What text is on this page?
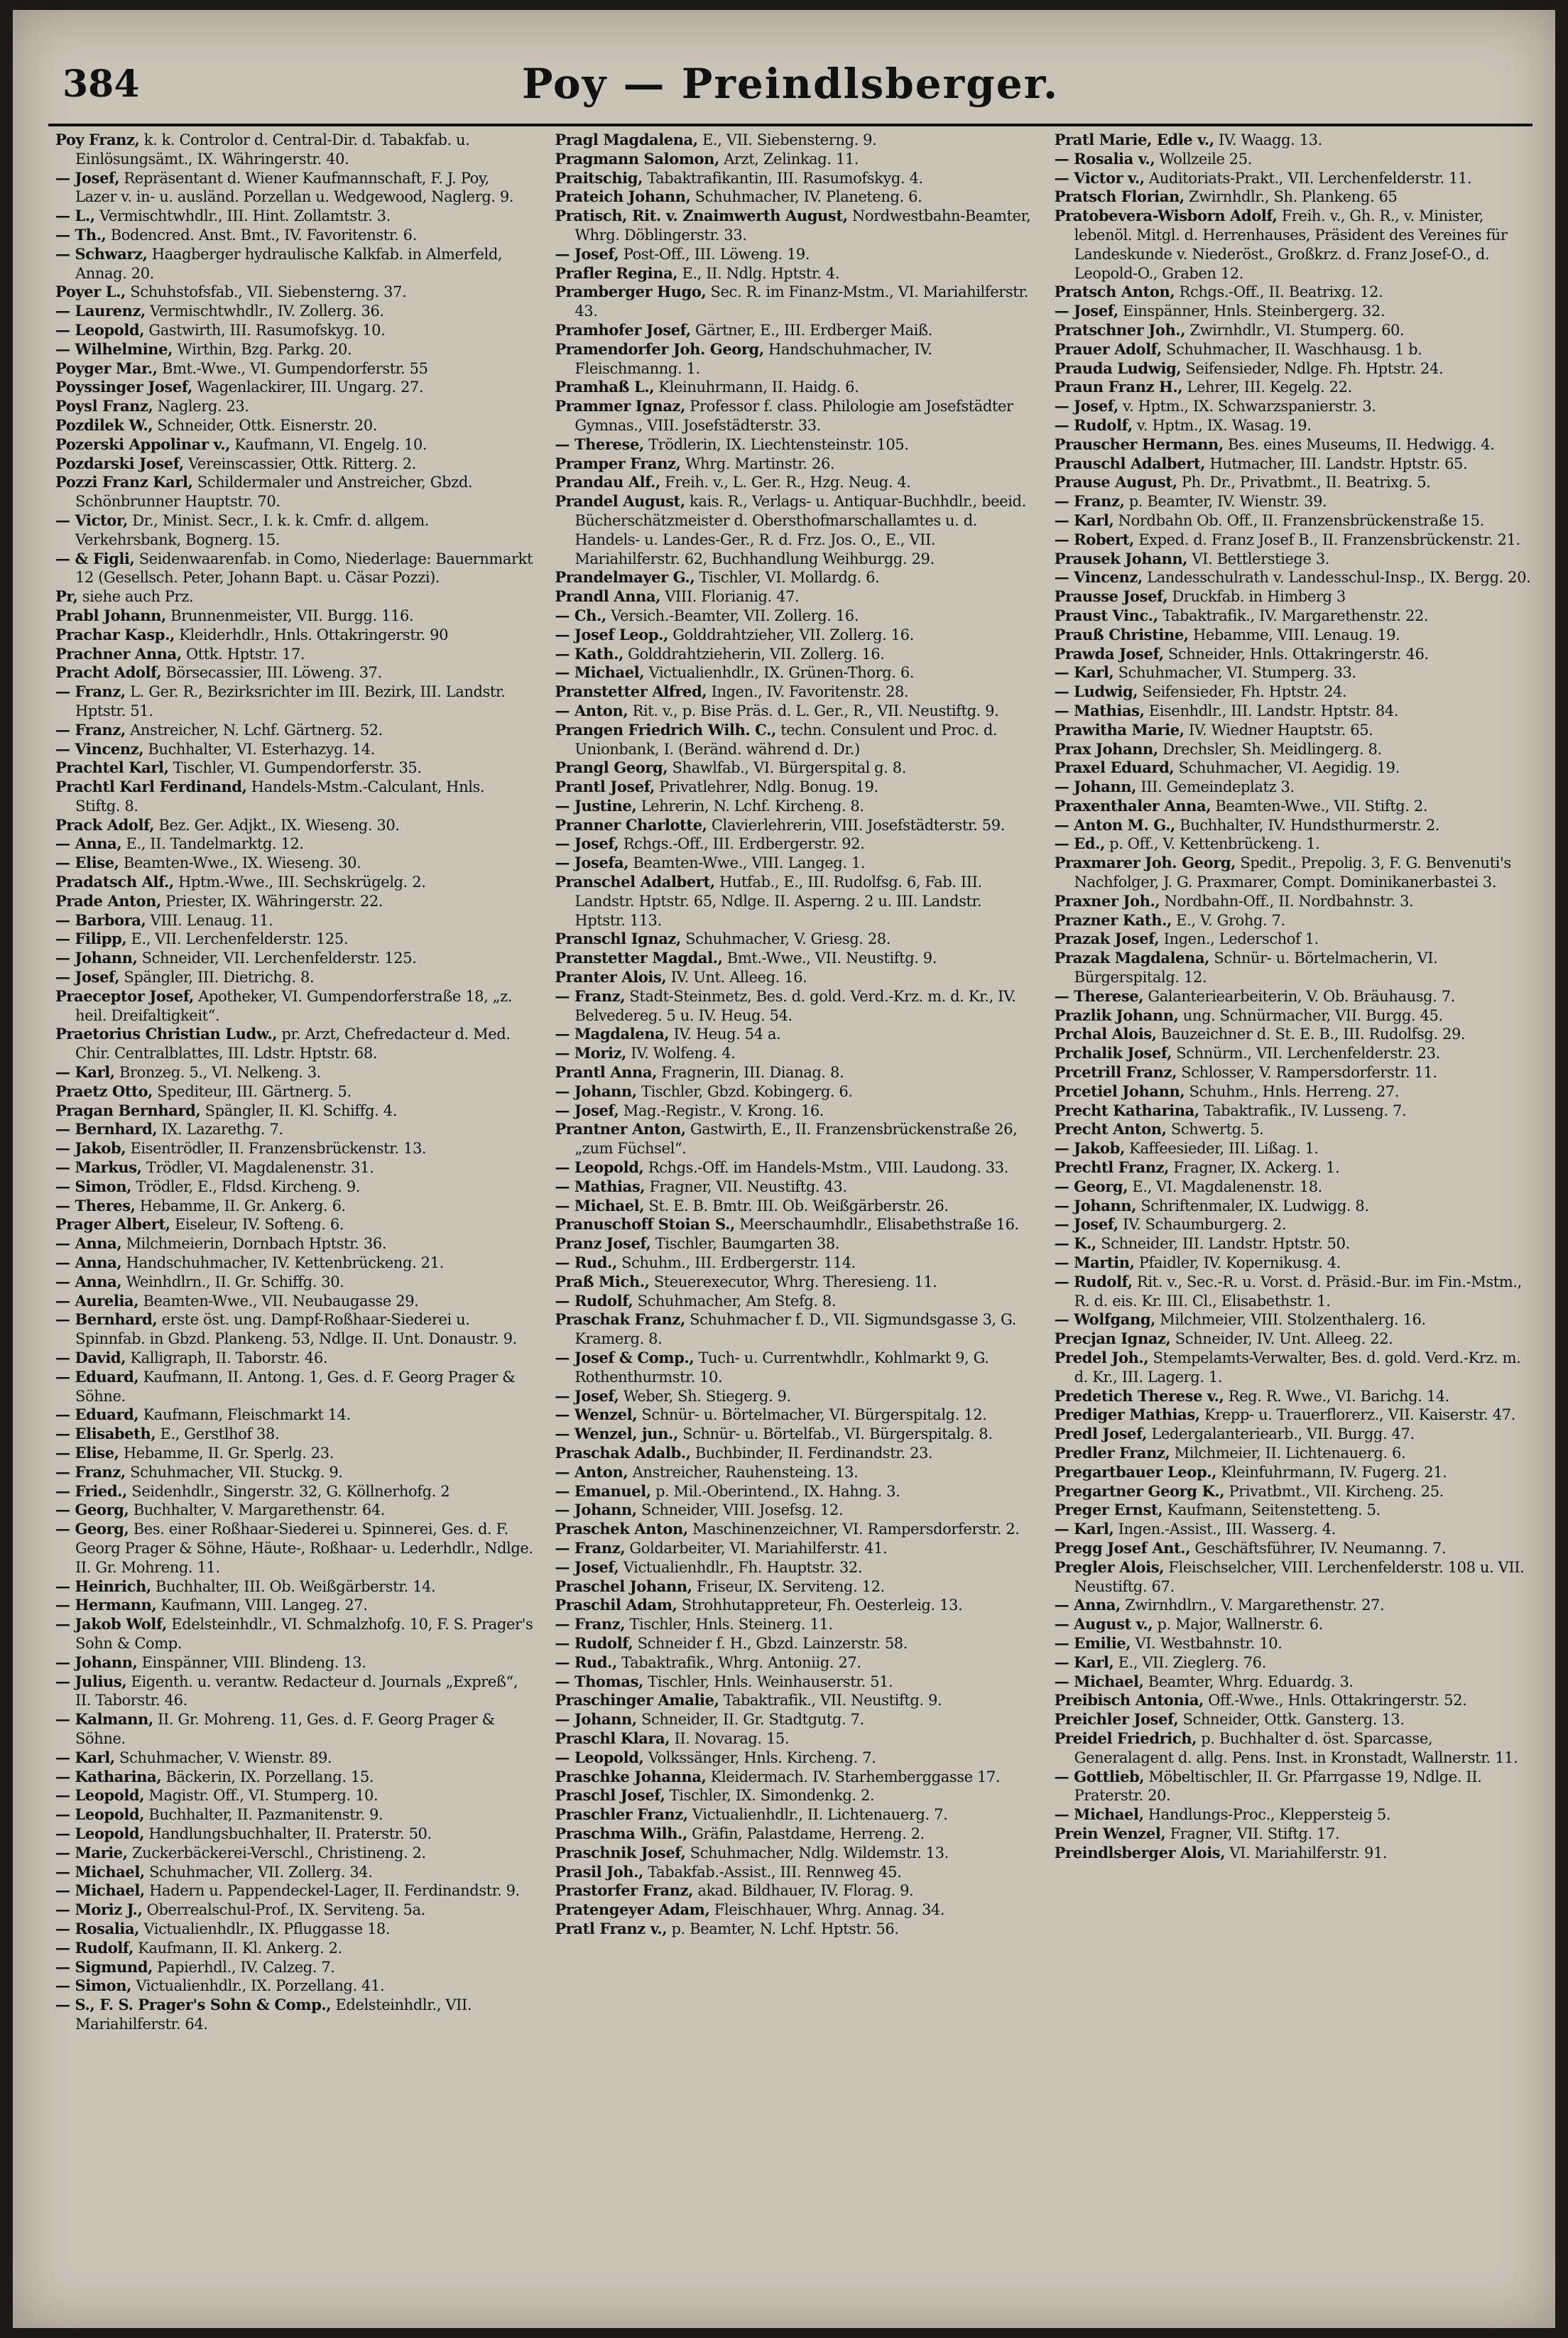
384	Poy — Preindlsberger.
Poy Franz, k. k. Controlor d. Central-Dir. d. Tabakfab. u. Einlösungsämt., IX. Währingerstr. 40.
— Josef, Repräsentant d. Wiener Kaufmannschaft, F. J. Poy, Lazer v. in- u. ausländ. Porzellan u. Wedgewood, Naglerg. 9.
— L., Vermischtwhdlr., III. Hint. Zollamtstr. 3.
— Th., Bodencred. Anst. Bmt., IV. Favoritenstr. 6.
— Schwarz, Haagberger hydraulische Kalkfab. in Almerfeld, Annag. 20.
Poyer L., Schuhstofsfab., VII. Siebensterng. 37.
— Laurenz, Vermischtwhdlr., IV. Zollerg. 36.
— Leopold, Gastwirth, III. Rasumofskyg. 10.
— Wilhelmine, Wirthin, Bzg. Parkg. 20.
Poyger Mar., Bmt.-Wwe., VI. Gumpendorferstr. 55
Poyssinger Josef, Wagenlackirer, III. Ungarg. 27.
Poysl Franz, Naglerg. 23.
Pozdilek W., Schneider, Ottk. Eisnerstr. 20.
Pozerski Appolinar v., Kaufmann, VI. Engelg. 10.
Pozdarski Josef, Vereinscassier, Ottk. Ritterg. 2.
Pozzi Franz Karl, Schildermaler und Anstreicher, Gbzd. Schönbrunner Hauptstr. 70.
— Victor, Dr., Minist. Secr., I. k. k. Cmfr. d. allgem. Verkehrsbank, Bognerg. 15.
— & Figli, Seidenwaarenfab. in Como, Niederlage: Bauernmarkt 12 (Gesellsch. Peter, Johann Bapt. u. Cäsar Pozzi).
Pr, siehe auch Prz.
Prabl Johann, Brunnenmeister, VII. Burgg. 116.
Prachar Kasp., Kleiderhdlr., Hnls. Ottakringerstr. 90
Prachner Anna, Ottk. Hptstr. 17.
Pracht Adolf, Börsecassier, III. Löweng. 37.
— Franz, L. Ger. R., Bezirksrichter im III. Bezirk, III. Landstr. Hptstr. 51.
— Franz, Anstreicher, N. Lchf. Gärtnerg. 52.
— Vincenz, Buchhalter, VI. Esterhazyg. 14.
Prachtel Karl, Tischler, VI. Gumpendorferstr. 35.
Prachtl Karl Ferdinand, Handels-Mstm.-Calculant, Hnls. Stiftg. 8.
Prack Adolf, Bez. Ger. Adjkt., IX. Wieseng. 30.
— Anna, E., II. Tandelmarktg. 12.
— Elise, Beamten-Wwe., IX. Wieseng. 30.
Pradatsch Alf., Hptm.-Wwe., III. Sechskrügelg. 2.
Prade Anton, Priester, IX. Währingerstr. 22.
— Barbora, VIII. Lenaug. 11.
— Filipp, E., VII. Lerchenfelderstr. 125.
— Johann, Schneider, VII. Lerchenfelderstr. 125.
— Josef, Spängler, III. Dietrichg. 8.
Praeceptor Josef, Apotheker, VI. Gumpendorferstraße 18, „z. heil. Dreifaltigkeit“.
Praetorius Christian Ludw., pr. Arzt, Chefredacteur d. Med. Chir. Centralblattes, III. Ldstr. Hptstr. 68.
— Karl, Bronzeg. 5., VI. Nelkeng. 3.
Praetz Otto, Spediteur, III. Gärtnerg. 5.
Pragan Bernhard, Spängler, II. Kl. Schiffg. 4.
— Bernhard, IX. Lazarethg. 7.
— Jakob, Eisentrödler, II. Franzensbrückenstr. 13.
— Markus, Trödler, VI. Magdalenenstr. 31.
— Simon, Trödler, E., Fldsd. Kircheng. 9.
— Theres, Hebamme, II. Gr. Ankerg. 6.
Prager Albert, Eiseleur, IV. Softeng. 6.
— Anna, Milchmeierin, Dornbach Hptstr. 36.
— Anna, Handschuhmacher, IV. Kettenbrückeng. 21.
— Anna, Weinhdlrn., II. Gr. Schiffg. 30.
— Aurelia, Beamten-Wwe., VII. Neubaugasse 29.
— Bernhard, erste öst. ung. Dampf-Roßhaar-Siederei u. Spinnfab. in Gbzd. Plankeng. 53, Ndlge. II. Unt. Donaustr. 9.
— David, Kalligraph, II. Taborstr. 46.
— Eduard, Kaufmann, II. Antong. 1, Ges. d. F. Georg Prager & Söhne.
— Eduard, Kaufmann, Fleischmarkt 14.
— Elisabeth, E., Gerstlhof 38.
— Elise, Hebamme, II. Gr. Sperlg. 23.
— Franz, Schuhmacher, VII. Stuckg. 9.
— Fried., Seidenhdlr., Singerstr. 32, G. Köllnerhofg. 2
— Georg, Buchhalter, V. Margarethenstr. 64.
— Georg, Bes. einer Roßhaar-Siederei u. Spinnerei, Ges. d. F. Georg Prager & Söhne, Häute-, Roßhaar- u. Lederhdlr., Ndlge. II. Gr. Mohreng. 11.
— Heinrich, Buchhalter, III. Ob. Weißgärberstr. 14.
— Hermann, Kaufmann, VIII. Langeg. 27.
— Jakob Wolf, Edelsteinhdlr., VI. Schmalzhofg. 10, F. S. Prager's Sohn & Comp.
— Johann, Einspänner, VIII. Blindeng. 13.
— Julius, Eigenth. u. verantw. Redacteur d. Journals „Expreß“, II. Taborstr. 46.
— Kalmann, II. Gr. Mohreng. 11, Ges. d. F. Georg Prager & Söhne.
— Karl, Schuhmacher, V. Wienstr. 89.
— Katharina, Bäckerin, IX. Porzellang. 15.
— Leopold, Magistr. Off., VI. Stumperg. 10.
— Leopold, Buchhalter, II. Pazmanitenstr. 9.
— Leopold, Handlungsbuchhalter, II. Praterstr. 50.
— Marie, Zuckerbäckerei-Verschl., Christineng. 2.
— Michael, Schuhmacher, VII. Zollerg. 34.
— Michael, Hadern u. Pappendeckel-Lager, II. Ferdinandstr. 9.
— Moriz J., Oberrealschul-Prof., IX. Serviteng. 5a.
— Rosalia, Victualienhdlr., IX. Pfluggasse 18.
— Rudolf, Kaufmann, II. Kl. Ankerg. 2.
— Sigmund, Papierhdl., IV. Calzeg. 7.
— Simon, Victualienhdlr., IX. Porzellang. 41.
— S., F. S. Prager's Sohn & Comp., Edelsteinhdlr., VII. Mariahilferstr. 64.
Pragl Magdalena, E., VII. Siebensterng. 9.
Pragmann Salomon, Arzt, Zelinkag. 11.
Praitschig, Tabaktrafikantin, III. Rasumofskyg. 4.
Prateich Johann, Schuhmacher, IV. Planeteng. 6.
Pratisch, Rit. v. Znaimwerth August, Nordwestbahn-Beamter, Whrg. Döblingerstr. 33.
— Josef, Post-Off., III. Löweng. 19.
Prafler Regina, E., II. Ndlg. Hptstr. 4.
Pramberger Hugo, Sec. R. im Finanz-Mstm., VI. Mariahilferstr. 43.
Pramhofer Josef, Gärtner, E., III. Erdberger Maiß.
Pramendorfer Joh. Georg, Handschuhmacher, IV. Fleischmanng. 1.
Pramhaß L., Kleinuhrmann, II. Haidg. 6.
Prammer Ignaz, Professor f. class. Philologie am Josefstädter Gymnas., VIII. Josefstädterstr. 33.
— Therese, Trödlerin, IX. Liechtensteinstr. 105.
Pramper Franz, Whrg. Martinstr. 26.
Prandau Alf., Freih. v., L. Ger. R., Hzg. Neug. 4.
Prandel August, kais. R., Verlags- u. Antiquar-Buchhdlr., beeid. Bücherschätzmeister d. Obersthofmarschallamtes u. d. Handels- u. Landes-Ger., R. d. Frz. Jos. O., E., VII. Mariahilferstr. 62, Buchhandlung Weihburgg. 29.
Prandelmayer G., Tischler, VI. Mollardg. 6.
Prandl Anna, VIII. Florianig. 47.
— Ch., Versich.-Beamter, VII. Zollerg. 16.
— Josef Leop., Golddrahtzieher, VII. Zollerg. 16.
— Kath., Golddrahtzieherin, VII. Zollerg. 16.
— Michael, Victualienhdlr., IX. Grünen-Thorg. 6.
Pranstetter Alfred, Ingen., IV. Favoritenstr. 28.
— Anton, Rit. v., p. Bise Präs. d. L. Ger., R., VII. Neustiftg. 9.
Prangen Friedrich Wilh. C., techn. Consulent und Proc. d. Unionbank, I. (Beränd. während d. Dr.)
Prangl Georg, Shawlfab., VI. Bürgerspital g. 8.
Prantl Josef, Privatlehrer, Ndlg. Bonug. 19.
— Justine, Lehrerin, N. Lchf. Kircheng. 8.
Pranner Charlotte, Clavierlehrerin, VIII. Josefstädterstr. 59.
— Josef, Rchgs.-Off., III. Erdbergerstr. 92.
— Josefa, Beamten-Wwe., VIII. Langeg. 1.
Pranschel Adalbert, Hutfab., E., III. Rudolfsg. 6, Fab. III. Landstr. Hptstr. 65, Ndlge. II. Asperng. 2 u. III. Landstr. Hptstr. 113.
Pranschl Ignaz, Schuhmacher, V. Griesg. 28.
Pranstetter Magdal., Bmt.-Wwe., VII. Neustiftg. 9.
Pranter Alois, IV. Unt. Alleeg. 16.
— Franz, Stadt-Steinmetz, Bes. d. gold. Verd.-Krz. m. d. Kr., IV. Belvedereg. 5 u. IV. Heug. 54.
— Magdalena, IV. Heug. 54 a.
— Moriz, IV. Wolfeng. 4.
Prantl Anna, Fragnerin, III. Dianag. 8.
— Johann, Tischler, Gbzd. Kobingerg. 6.
— Josef, Mag.-Registr., V. Krong. 16.
Prantner Anton, Gastwirth, E., II. Franzensbrückenstraße 26, „zum Füchsel“.
— Leopold, Rchgs.-Off. im Handels-Mstm., VIII. Laudong. 33.
— Mathias, Fragner, VII. Neustiftg. 43.
— Michael, St. E. B. Bmtr. III. Ob. Weißgärberstr. 26.
Pranuschoff Stoian S., Meerschaumhdlr., Elisabethstraße 16.
Pranz Josef, Tischler, Baumgarten 38.
— Rud., Schuhm., III. Erdbergerstr. 114.
Praß Mich., Steuerexecutor, Whrg. Theresieng. 11.
— Rudolf, Schuhmacher, Am Stefg. 8.
Praschak Franz, Schuhmacher f. D., VII. Sigmundsgasse 3, G. Kramerg. 8.
— Josef & Comp., Tuch- u. Currentwhdlr., Kohlmarkt 9, G. Rothenthurmstr. 10.
— Josef, Weber, Sh. Stiegerg. 9.
— Wenzel, Schnür- u. Börtelmacher, VI. Bürgerspitalg. 12.
— Wenzel, jun., Schnür- u. Börtelfab., VI. Bürgerspitalg. 8.
Praschak Adalb., Buchbinder, II. Ferdinandstr. 23.
— Anton, Anstreicher, Rauhensteing. 13.
— Emanuel, p. Mil.-Oberintend., IX. Hahng. 3.
— Johann, Schneider, VIII. Josefsg. 12.
Praschek Anton, Maschinenzeichner, VI. Rampersdorferstr. 2.
— Franz, Goldarbeiter, VI. Mariahilferstr. 41.
— Josef, Victualienhdlr., Fh. Hauptstr. 32.
Praschel Johann, Friseur, IX. Serviteng. 12.
Praschil Adam, Strohhutappreteur, Fh. Oesterleig. 13.
— Franz, Tischler, Hnls. Steinerg. 11.
— Rudolf, Schneider f. H., Gbzd. Lainzerstr. 58.
— Rud., Tabaktrafik., Whrg. Antoniig. 27.
— Thomas, Tischler, Hnls. Weinhauserstr. 51.
Praschinger Amalie, Tabaktrafik., VII. Neustiftg. 9.
— Johann, Schneider, II. Gr. Stadtgutg. 7.
Praschl Klara, II. Novarag. 15.
— Leopold, Volkssänger, Hnls. Kircheng. 7.
Praschke Johanna, Kleidermach. IV. Starhemberggasse 17.
Praschl Josef, Tischler, IX. Simondenkg. 2.
Praschler Franz, Victualienhdlr., II. Lichtenauerg. 7.
Praschma Wilh., Gräfin, Palastdame, Herreng. 2.
Praschnik Josef, Schuhmacher, Ndlg. Wildemstr. 13.
Prasil Joh., Tabakfab.-Assist., III. Rennweg 45.
Prastorfer Franz, akad. Bildhauer, IV. Florag. 9.
Pratengeyer Adam, Fleischhauer, Whrg. Annag. 34.
Pratl Franz v., p. Beamter, N. Lchf. Hptstr. 56.
Pratl Marie, Edle v., IV. Waagg. 13.
— Rosalia v., Wollzeile 25.
— Victor v., Auditoriats-Prakt., VII. Lerchenfelderstr. 11.
Pratsch Florian, Zwirnhdlr., Sh. Plankeng. 65
Pratobevera-Wisborn Adolf, Freih. v., Gh. R., v. Minister, lebenöl. Mitgl. d. Herrenhauses, Präsident des Vereines für Landeskunde v. Niederöst., Großkrz. d. Franz Josef-O., d. Leopold-O., Graben 12.
Pratsch Anton, Rchgs.-Off., II. Beatrixg. 12.
— Josef, Einspänner, Hnls. Steinbergerg. 32.
Pratschner Joh., Zwirnhdlr., VI. Stumperg. 60.
Prauer Adolf, Schuhmacher, II. Waschhausg. 1 b.
Prauda Ludwig, Seifensieder, Ndlge. Fh. Hptstr. 24.
Praun Franz H., Lehrer, III. Kegelg. 22.
— Josef, v. Hptm., IX. Schwarzspanierstr. 3.
— Rudolf, v. Hptm., IX. Wasag. 19.
Prauscher Hermann, Bes. eines Museums, II. Hedwigg. 4.
Prauschl Adalbert, Hutmacher, III. Landstr. Hptstr. 65.
Prause August, Ph. Dr., Privatbmt., II. Beatrixg. 5.
— Franz, p. Beamter, IV. Wienstr. 39.
— Karl, Nordbahn Ob. Off., II. Franzensbrückenstraße 15.
— Robert, Exped. d. Franz Josef B., II. Franzensbrückenstr. 21.
Prausek Johann, VI. Bettlerstiege 3.
— Vincenz, Landesschulrath v. Landesschul-Insp., IX. Bergg. 20.
Prausse Josef, Druckfab. in Himberg 3
Praust Vinc., Tabaktrafik., IV. Margarethenstr. 22.
Prauß Christine, Hebamme, VIII. Lenaug. 19.
Prawda Josef, Schneider, Hnls. Ottakringerstr. 46.
— Karl, Schuhmacher, VI. Stumperg. 33.
— Ludwig, Seifensieder, Fh. Hptstr. 24.
— Mathias, Eisenhdlr., III. Landstr. Hptstr. 84.
Prawitha Marie, IV. Wiedner Hauptstr. 65.
Prax Johann, Drechsler, Sh. Meidlingerg. 8.
Praxel Eduard, Schuhmacher, VI. Aegidig. 19.
— Johann, III. Gemeindeplatz 3.
Praxenthaler Anna, Beamten-Wwe., VII. Stiftg. 2.
— Anton M. G., Buchhalter, IV. Hundsthurmerstr. 2.
— Ed., p. Off., V. Kettenbrückeng. 1.
Praxmarer Joh. Georg, Spedit., Prepolig. 3, F. G. Benvenuti's Nachfolger, J. G. Praxmarer, Compt. Dominikanerbastei 3.
Praxner Joh., Nordbahn-Off., II. Nordbahnstr. 3.
Prazner Kath., E., V. Grohg. 7.
Prazak Josef, Ingen., Lederschof 1.
Prazak Magdalena, Schnür- u. Börtelmacherin, VI. Bürgerspitalg. 12.
— Therese, Galanteriearbeiterin, V. Ob. Bräuhausg. 7.
Prazlik Johann, ung. Schnürmacher, VII. Burgg. 45.
Prchal Alois, Bauzeichner d. St. E. B., III. Rudolfsg. 29.
Prchalik Josef, Schnürm., VII. Lerchenfelderstr. 23.
Prcetrill Franz, Schlosser, V. Rampersdorferstr. 11.
Prcetiel Johann, Schuhm., Hnls. Herreng. 27.
Precht Katharina, Tabaktrafik., IV. Lusseng. 7.
Precht Anton, Schwertg. 5.
— Jakob, Kaffeesieder, III. Lißag. 1.
Prechtl Franz, Fragner, IX. Ackerg. 1.
— Georg, E., VI. Magdalenenstr. 18.
— Johann, Schriftenmaler, IX. Ludwigg. 8.
— Josef, IV. Schaumburgerg. 2.
— K., Schneider, III. Landstr. Hptstr. 50.
— Martin, Pfaidler, IV. Kopernikusg. 4.
— Rudolf, Rit. v., Sec.-R. u. Vorst. d. Präsid.-Bur. im Fin.-Mstm., R. d. eis. Kr. III. Cl., Elisabethstr. 1.
— Wolfgang, Milchmeier, VIII. Stolzenthalerg. 16.
Precjan Ignaz, Schneider, IV. Unt. Alleeg. 22.
Predel Joh., Stempelamts-Verwalter, Bes. d. gold. Verd.-Krz. m. d. Kr., III. Lagerg. 1.
Predetich Therese v., Reg. R. Wwe., VI. Barichg. 14.
Prediger Mathias, Krepp- u. Trauerflorerz., VII. Kaiserstr. 47.
Predl Josef, Ledergalanteriearb., VII. Burgg. 47.
Predler Franz, Milchmeier, II. Lichtenauerg. 6.
Pregartbauer Leop., Kleinfuhrmann, IV. Fugerg. 21.
Pregartner Georg K., Privatbmt., VII. Kircheng. 25.
Preger Ernst, Kaufmann, Seitenstetteng. 5.
— Karl, Ingen.-Assist., III. Wasserg. 4.
Pregg Josef Ant., Geschäftsführer, IV. Neumanng. 7.
Pregler Alois, Fleischselcher, VIII. Lerchenfelderstr. 108 u. VII. Neustiftg. 67.
— Anna, Zwirnhdlrn., V. Margarethenstr. 27.
— August v., p. Major, Wallnerstr. 6.
— Emilie, VI. Westbahnstr. 10.
— Karl, E., VII. Zieglerg. 76.
— Michael, Beamter, Whrg. Eduardg. 3.
Preibisch Antonia, Off.-Wwe., Hnls. Ottakringerstr. 52.
Preichler Josef, Schneider, Ottk. Gansterg. 13.
Preidel Friedrich, p. Buchhalter d. öst. Sparcasse, Generalagent d. allg. Pens. Inst. in Kronstadt, Wallnerstr. 11.
— Gottlieb, Möbeltischler, II. Gr. Pfarrgasse 19, Ndlge. II. Praterstr. 20.
— Michael, Handlungs-Proc., Kleppersteig 5.
Prein Wenzel, Fragner, VII. Stiftg. 17.
Preindlsberger Alois, VI. Mariahilferstr. 91.
